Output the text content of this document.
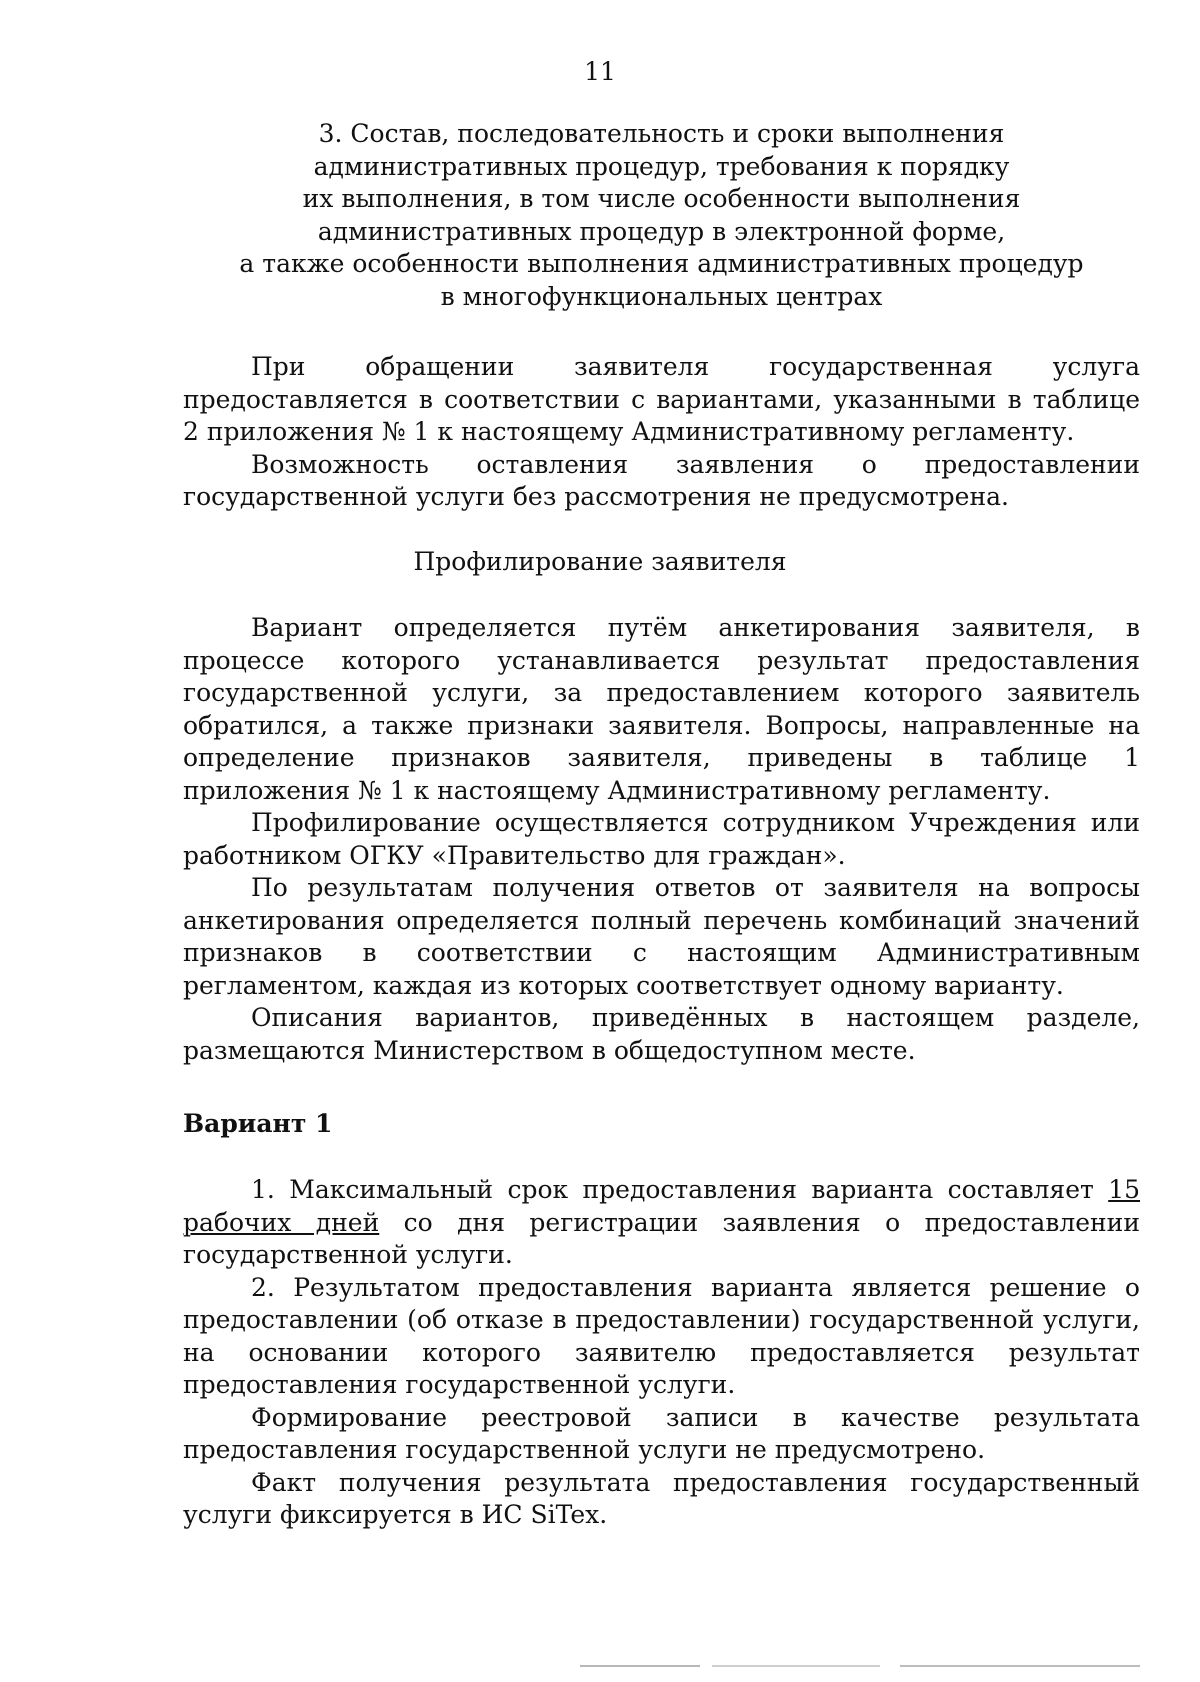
11
3. Состав, последовательность и сроки выполнения
административных процедур, требования к порядку
их выполнения, в том числе особенности выполнения
административных процедур в электронной форме,
а также особенности выполнения административных процедур
в многофункциональных центрах

При обращении заявителя государственная услуга предоставляется в соответствии с вариантами, указанными в таблице 2 приложения № 1 к настоящему Административному регламенту.

Возможность оставления заявления о предоставлении государственной услуги без рассмотрения не предусмотрена.

Профилирование заявителя

Вариант определяется путём анкетирования заявителя, в процессе которого устанавливается результат предоставления государственной услуги, за предоставлением которого заявитель обратился, а также признаки заявителя. Вопросы, направленные на определение признаков заявителя, приведены в таблице 1 приложения № 1 к настоящему Административному регламенту.

Профилирование осуществляется сотрудником Учреждения или работником ОГКУ «Правительство для граждан».

По результатам получения ответов от заявителя на вопросы анкетирования определяется полный перечень комбинаций значений признаков в соответствии с настоящим Административным регламентом, каждая из которых соответствует одному варианту.

Описания вариантов, приведённых в настоящем разделе, размещаются Министерством в общедоступном месте.

Вариант 1

1. Максимальный срок предоставления варианта составляет 15 рабочих дней со дня регистрации заявления о предоставлении государственной услуги.

2. Результатом предоставления варианта является решение о предоставлении (об отказе в предоставлении) государственной услуги, на основании которого заявителю предоставляется результат предоставления государственной услуги.

Формирование реестровой записи в качестве результата предоставления государственной услуги не предусмотрено.

Факт получения результата предоставления государственный услуги фиксируется в ИС SiTex.
